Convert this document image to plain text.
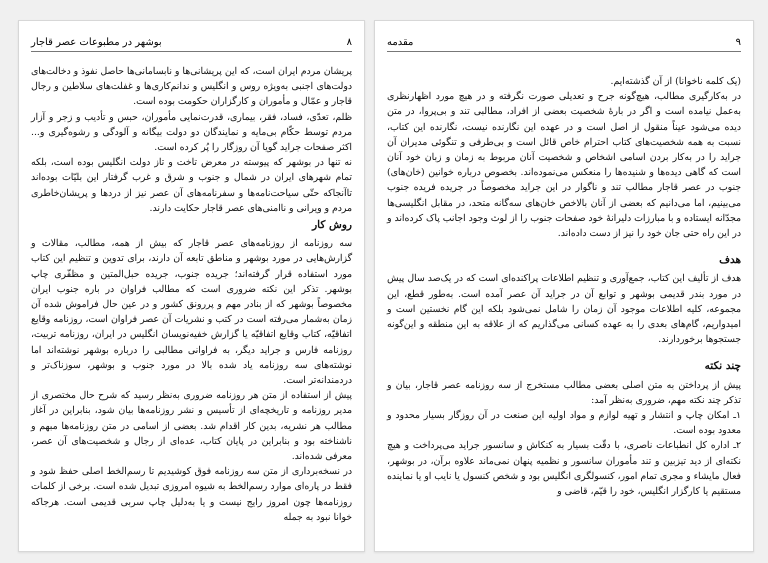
بوشهر در مطبوعات عصر قاجار	۸

پریشان مردم ایران است، که این پریشانی‌ها و نابسامانی‌ها حاصل نفوذ و دخالت‌های دولت‌های اجنبی به‌ویژه روس و انگلیس و ندانم‌کاری‌ها و غفلت‌های سلاطین و رجال قاجار و عمّال و مأموران و کارگزاران حکومت بوده است.

ظلم، تعدّی، فساد، فقر، بیماری، قدرت‌نمایی مأموران، حبس و تأدیب و زجر و آزار مردم توسط حکّام بی‌مایه و نمایندگان دو دولت بیگانه و آلودگی و رشوه‌گیری و... اکثر صفحات جراید گویا آن روزگار را پُر کرده است.

نه تنها در بوشهر که پیوسته در معرض تاخت و تاز دولت انگلیس بوده است، بلکه تمام شهرهای ایران در شمال و جنوب و شرق و غرب گرفتار این بلیّات بوده‌اند تاآنجاکه حتّی سیاحت‌نامه‌ها و سفرنامه‌های آن عصر نیز از دردها و پریشان‌خاطری مردم و ویرانی و ناامنی‌های عصر قاجار حکایت دارند.

روش کار

سه روزنامه از روزنامه‌های عصر قاجار که بیش از همه، مطالب، مقالات و گزارش‌هایی در مورد بوشهر و مناطق تابعه آن دارند، برای تدوین و تنظیم این کتاب مورد استفاده قرار گرفته‌اند؛ جریده جنوب، جریده حبل‌المتین و مظفّری چاپ بوشهر. تذکر این نکته ضروری است که مطالب فراوان در باره جنوب ایران مخصوصاً بوشهر که از بنادر مهم و پررونق کشور و در عین حال فراموش شده آن زمان به‌شمار می‌رفته است در کتب و نشریات آن عصر فراوان است، روزنامه وقایع اتفاقیّه، کتاب وقایع اتفاقیّه یا گزارش خفیه‌نویسان انگلیس در ایران، روزنامه تربیت، روزنامه فارس و جراید دیگر، به فراوانی مطالبی را درباره بوشهر نوشته‌اند اما نوشته‌های سه روزنامه یاد شده بالا در مورد جنوب و بوشهر، سوزناک‌تر و دردمندانه‌تر است.

پیش از استفاده از متن هر روزنامه ضروری به‌نظر رسید که شرح حال مختصری از مدیر روزنامه و تاریخچه‌ای از تأسیس و نشر روزنامه‌ها بیان شود، بنابراین در آغاز مطالب هر نشریه، بدین کار اقدام شد. بعضی از اسامی در متن روزنامه‌ها مبهم و ناشناخته بود و بنابراین در پایان کتاب، عده‌ای از رجال و شخصیت‌های آن عصر، معرفی شده‌اند.

در نسخه‌برداری از متن سه روزنامه فوق کوشیدیم تا رسم‌الخط اصلی حفظ شود و فقط در پاره‌ای موارد رسم‌الخط به شیوه امروزی تبدیل شده است. برخی از کلمات روزنامه‌ها چون امروز رایج نیست و یا به‌دلیل چاپ سربی قدیمی است. هرجاکه خوانا نبود به جمله

مقدمه	۹

(یک کلمه ناخوانا) از آن گذشته‌ایم.

در به‌کارگیری مطالب، هیچ‌گونه جرح و تعدیلی صورت نگرفته و در هیچ مورد اظهارنظری به‌عمل نیامده است و اگر در بارهٔ شخصیت بعضی از افراد، مطالبی تند و بی‌پروا، در متن دیده می‌شود عیناً منقول از اصل است و در عهده این نگارنده نیست، نگارنده این کتاب، نسبت به همه شخصیت‌های کتاب احترام خاص قائل است و بی‌طرفی و تنگوئی مدیران آن جراید را در به‌کار بردن اسامی اشخاص و شخصیت آنان مربوط به زمان و زبان خود آنان است که گاهی دیده‌ها و شنیده‌ها را منعکس می‌نموده‌اند. بخصوص درباره خوانین (خان‌های) جنوب در عصر قاجار مطالب تند و ناگوار در این جراید مخصوصاً در جریده فریده جنوب می‌بینیم، اما می‌دانیم که بعضی از آنان بالاخص خان‌های سه‌گانه متحد، در مقابل انگلیسی‌ها مجدّانه ایستاده و با مبارزات دلیرانهٔ خود صفحات جنوب را از لوث وجود اجانب پاک کرده‌اند و در این راه حتی جان خود را نیز از دست داده‌اند.

هدف

هدف از تألیف این کتاب، جمع‌آوری و تنظیم اطلاعات پراکنده‌ای است که در یک‌صد سال پیش در مورد بندر قدیمی بوشهر و توابع آن در جراید آن عصر آمده است. به‌طور قطع، این مجموعه، کلیه اطلاعات موجود آن زمان را شامل نمی‌شود بلکه این گام نخستین است و امیدواریم، گام‌های بعدی را به عهده کسانی می‌گذاریم که از علاقه به این منطقه و این‌گونه جستجوها برخوردارند.

چند نکته

پیش از پرداختن به متن اصلی بعضی مطالب مستخرج از سه روزنامه عصر قاجار، بیان و تذکر چند نکته مهم، ضروری به‌نظر آمد:

۱ـ امکان چاپ و انتشار و تهیه لوازم و مواد اولیه این صنعت در آن روزگار بسیار محدود و معدود بوده است.

۲ـ اداره کل انطباعات ناصری، با دقّت بسیار به کنکاش و سانسور جراید می‌پرداخت و هیچ نکته‌ای از دید تیزبین و تند مأموران سانسور و نظمیه پنهان نمی‌ماند علاوه برآن، در بوشهر، فعال مایشاء و مجری تمام امور، کنسولگری انگلیس بود و شخص کنسول یا نایب او یا نماینده مستقیم یا کارگزار انگلیس، خود را قیّم، قاضی و
